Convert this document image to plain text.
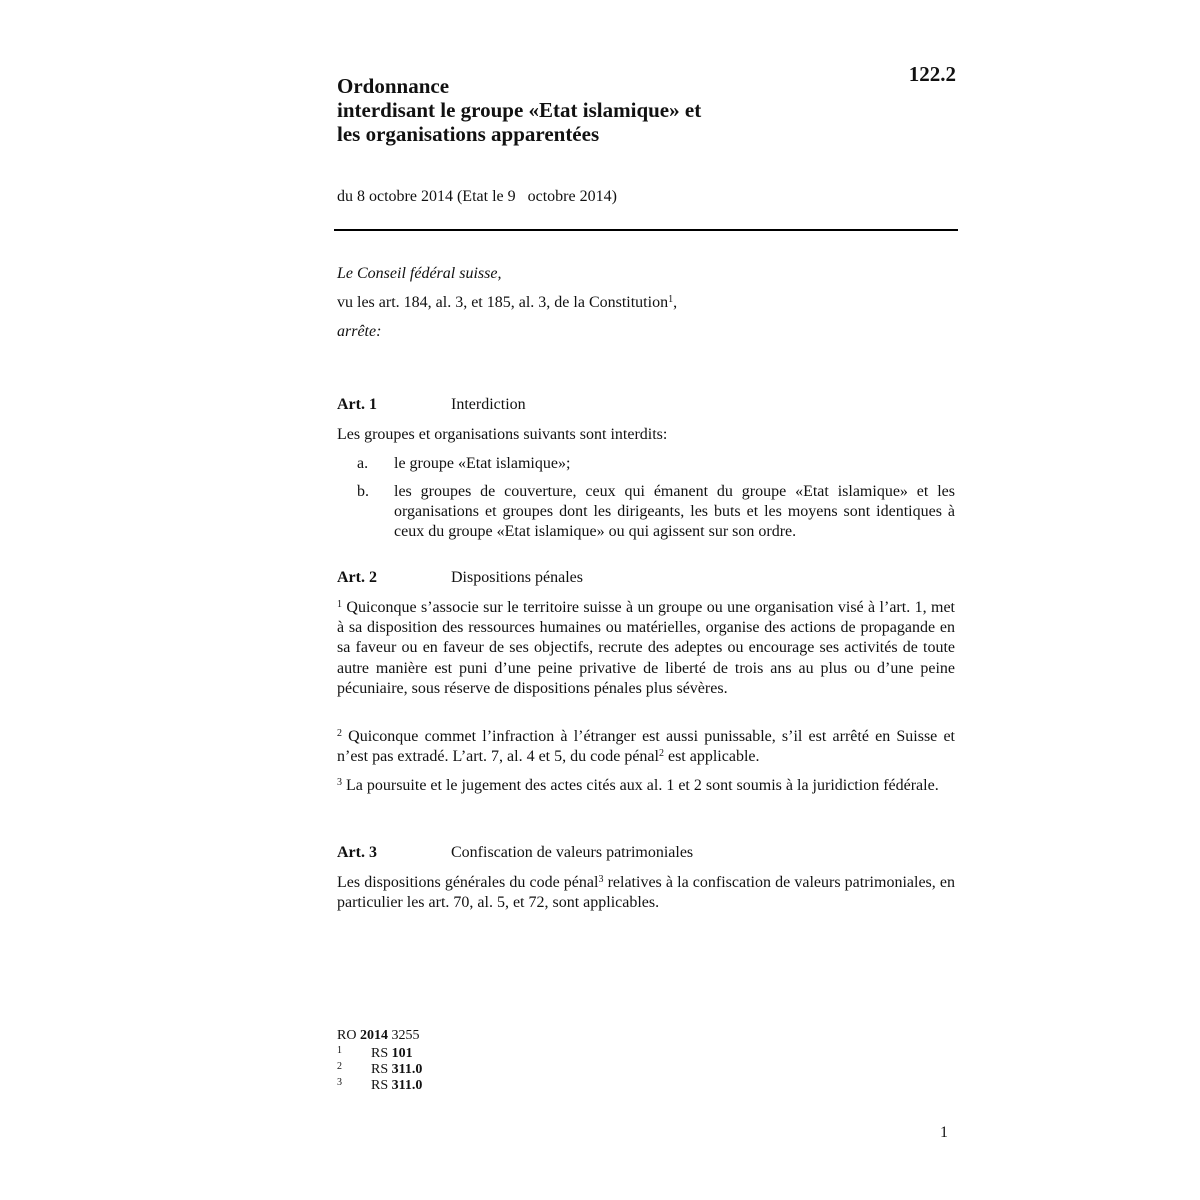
122.2
Ordonnance
interdisant le groupe «Etat islamique» et
les organisations apparentées
du 8 octobre 2014 (Etat le 9   octobre 2014)
Le Conseil fédéral suisse,
vu les art. 184, al. 3, et 185, al. 3, de la Constitution$^1$,
arrête:
Art. 1	Interdiction
Les groupes et organisations suivants sont interdits:
a. le groupe «Etat islamique»;
b. les groupes de couverture, ceux qui émanent du groupe «Etat islamique» et les organisations et groupes dont les dirigeants, les buts et les moyens sont identiques à ceux du groupe «Etat islamique» ou qui agissent sur son ordre.
Art. 2	Dispositions pénales
$^1$ Quiconque s’associe sur le territoire suisse à un groupe ou une organisation visé à l’art. 1, met à sa disposition des ressources humaines ou matérielles, organise des actions de propagande en sa faveur ou en faveur de ses objectifs, recrute des adeptes ou encourage ses activités de toute autre manière est puni d’une peine privative de liberté de trois ans au plus ou d’une peine pécuniaire, sous réserve de dispositions pénales plus sévères.
$^2$ Quiconque commet l’infraction à l’étranger est aussi punissable, s’il est arrêté en Suisse et n’est pas extradé. L’art. 7, al. 4 et 5, du code pénal$^2$ est applicable.
$^3$ La poursuite et le jugement des actes cités aux al. 1 et 2 sont soumis à la juridiction fédérale.
Art. 3	Confiscation de valeurs patrimoniales
Les dispositions générales du code pénal$^3$ relatives à la confiscation de valeurs patrimoniales, en particulier les art. 70, al. 5, et 72, sont applicables.
RO 2014 3255
1 RS 101
2 RS 311.0
3 RS 311.0
1
